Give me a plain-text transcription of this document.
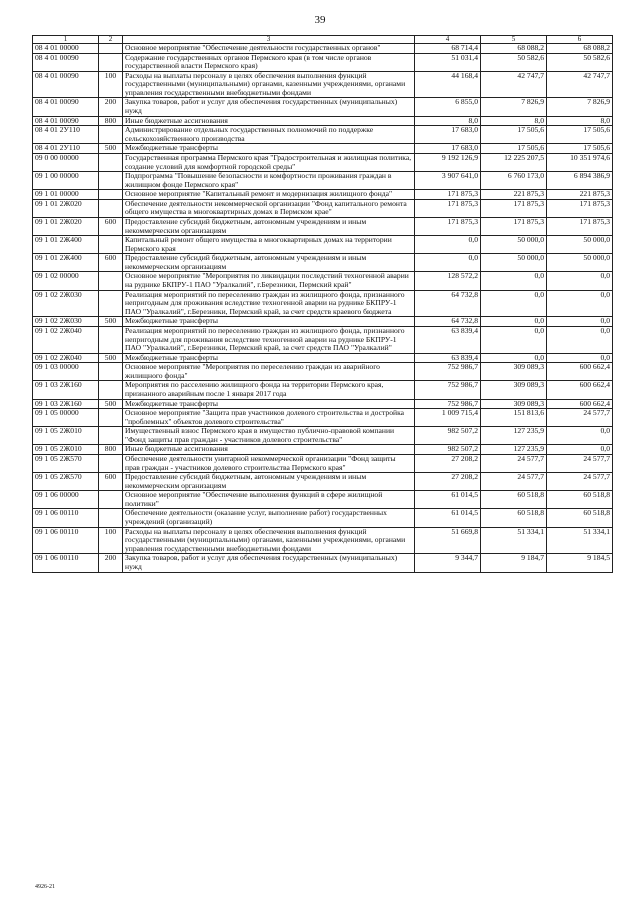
39
1	2	3	4	5	6
08 4 01 00000		Основное мероприятие "Обеспечение деятельности государственных органов"	68 714,4	68 088,2	68 088,2
08 4 01 00090		Содержание государственных органов Пермского края (в том числе органов государственной власти Пермского края)	51 031,4	50 582,6	50 582,6
08 4 01 00090	100	Расходы на выплаты персоналу в целях обеспечения выполнения функций государственными (муниципальными) органами, казенными учреждениями, органами управления государственными внебюджетными фондами	44 168,4	42 747,7	42 747,7
08 4 01 00090	200	Закупка товаров, работ и услуг для обеспечения государственных (муниципальных) нужд	6 855,0	7 826,9	7 826,9
08 4 01 00090	800	Иные бюджетные ассигнования	8,0	8,0	8,0
08 4 01 2У110		Администрирование отдельных государственных полномочий по поддержке сельскохозяйственного производства	17 683,0	17 505,6	17 505,6
08 4 01 2У110	500	Межбюджетные трансферты	17 683,0	17 505,6	17 505,6
09 0 00 00000		Государственная программа Пермского края "Градостроительная и жилищная политика, создание условий для комфортной городской среды"	9 192 126,9	12 225 207,5	10 351 974,6
09 1 00 00000		Подпрограмма "Повышение безопасности и комфортности проживания граждан в жилищном фонде Пермского края"	3 907 641,0	6 760 173,0	6 894 386,9
09 1 01 00000		Основное мероприятие "Капитальный ремонт и модернизация жилищного фонда"	171 875,3	221 875,3	221 875,3
09 1 01 2Ж020		Обеспечение деятельности некоммерческой организации "Фонд капитального ремонта общего имущества в многоквартирных домах в Пермском крае"	171 875,3	171 875,3	171 875,3
09 1 01 2Ж020	600	Предоставление субсидий бюджетным, автономным учреждениям и иным некоммерческим организациям	171 875,3	171 875,3	171 875,3
09 1 01 2Ж400		Капитальный ремонт общего имущества в многоквартирных домах на территории Пермского края	0,0	50 000,0	50 000,0
09 1 01 2Ж400	600	Предоставление субсидий бюджетным, автономным учреждениям и иным некоммерческим организациям	0,0	50 000,0	50 000,0
09 1 02 00000		Основное мероприятие "Мероприятия по ликвидации последствий техногенной аварии на руднике БКПРУ-1 ПАО "Уралкалий", г.Березники, Пермский край"	128 572,2	0,0	0,0
09 1 02 2Ж030		Реализация мероприятий по переселению граждан из жилищного фонда, признанного непригодным для проживания вследствие техногенной аварии на руднике БКПРУ-1 ПАО "Уралкалий", г.Березники, Пермский край, за счет средств краевого бюджета	64 732,8	0,0	0,0
09 1 02 2Ж030	500	Межбюджетные трансферты	64 732,8	0,0	0,0
09 1 02 2Ж040		Реализация мероприятий по переселению граждан из жилищного фонда, признанного непригодным для проживания вследствие техногенной аварии на руднике БКПРУ-1 ПАО "Уралкалий", г.Березники, Пермский край, за счет средств ПАО "Уралкалий"	63 839,4	0,0	0,0
09 1 02 2Ж040	500	Межбюджетные трансферты	63 839,4	0,0	0,0
09 1 03 00000		Основное мероприятие "Мероприятия по переселению граждан из аварийного жилищного фонда"	752 986,7	309 089,3	600 662,4
09 1 03 2Ж160		Мероприятия по расселению жилищного фонда на территории Пермского края, признанного аварийным после 1 января 2017 года	752 986,7	309 089,3	600 662,4
09 1 03 2Ж160	500	Межбюджетные трансферты	752 986,7	309 089,3	600 662,4
09 1 05 00000		Основное мероприятие "Защита прав участников долевого строительства и достройка "проблемных" объектов долевого строительства"	1 009 715,4	151 813,6	24 577,7
09 1 05 2Ж010		Имущественный взнос Пермского края в имущество публично-правовой компании "Фонд защиты прав граждан - участников долевого строительства"	982 507,2	127 235,9	0,0
09 1 05 2Ж010	800	Иные бюджетные ассигнования	982 507,2	127 235,9	0,0
09 1 05 2Ж570		Обеспечение деятельности унитарной некоммерческой организации "Фонд защиты прав граждан - участников долевого строительства Пермского края"	27 208,2	24 577,7	24 577,7
09 1 05 2Ж570	600	Предоставление субсидий бюджетным, автономным учреждениям и иным некоммерческим организациям	27 208,2	24 577,7	24 577,7
09 1 06 00000		Основное мероприятие "Обеспечение выполнения функций в сфере жилищной политики"	61 014,5	60 518,8	60 518,8
09 1 06 00110		Обеспечение деятельности (оказание услуг, выполнение работ) государственных учреждений (организаций)	61 014,5	60 518,8	60 518,8
09 1 06 00110	100	Расходы на выплаты персоналу в целях обеспечения выполнения функций государственными (муниципальными) органами, казенными учреждениями, органами управления государственными внебюджетными фондами	51 669,8	51 334,1	51 334,1
09 1 06 00110	200	Закупка товаров, работ и услуг для обеспечения государственных (муниципальных) нужд	9 344,7	9 184,7	9 184,5
4926-21
